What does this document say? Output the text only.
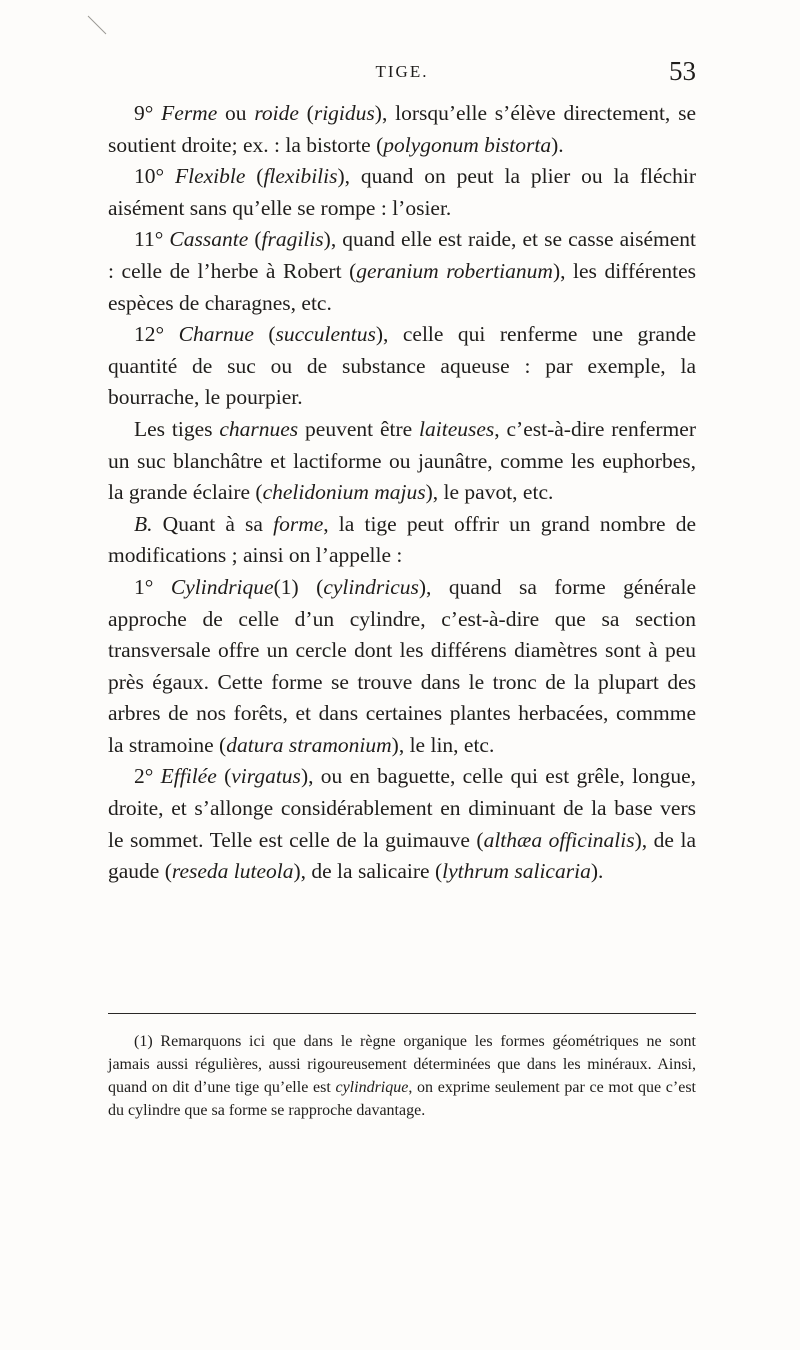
TIGE.	53

9° Ferme ou roide (rigidus), lorsqu’elle s’élève directement, se soutient droite; ex. : la bistorte (polygonum bistorta).

10° Flexible (flexibilis), quand on peut la plier ou la fléchir aisément sans qu’elle se rompe : l’osier.

11° Cassante (fragilis), quand elle est raide, et se casse aisément : celle de l’herbe à Robert (geranium robertianum), les différentes espèces de charagnes, etc.

12° Charnue (succulentus), celle qui renferme une grande quantité de suc ou de substance aqueuse : par exemple, la bourrache, le pourpier.

Les tiges charnues peuvent être laiteuses, c’est-à-dire renfermer un suc blanchâtre et lactiforme ou jaunâtre, comme les euphorbes, la grande éclaire (chelidonium majus), le pavot, etc.

B. Quant à sa forme, la tige peut offrir un grand nombre de modifications ; ainsi on l’appelle :

1° Cylindrique(1) (cylindricus), quand sa forme générale approche de celle d’un cylindre, c’est-à-dire que sa section transversale offre un cercle dont les différens diamètres sont à peu près égaux. Cette forme se trouve dans le tronc de la plupart des arbres de nos forêts, et dans certaines plantes herbacées, commme la stramoine (datura stramonium), le lin, etc.

2° Effilée (virgatus), ou en baguette, celle qui est grêle, longue, droite, et s’allonge considérablement en diminuant de la base vers le sommet. Telle est celle de la guimauve (althæa officinalis), de la gaude (reseda luteola), de la salicaire (lythrum salicaria).

(1) Remarquons ici que dans le règne organique les formes géométriques ne sont jamais aussi régulières, aussi rigoureusement déterminées que dans les minéraux. Ainsi, quand on dit d’une tige qu’elle est cylindrique, on exprime seulement par ce mot que c’est du cylindre que sa forme se rapproche davantage.
